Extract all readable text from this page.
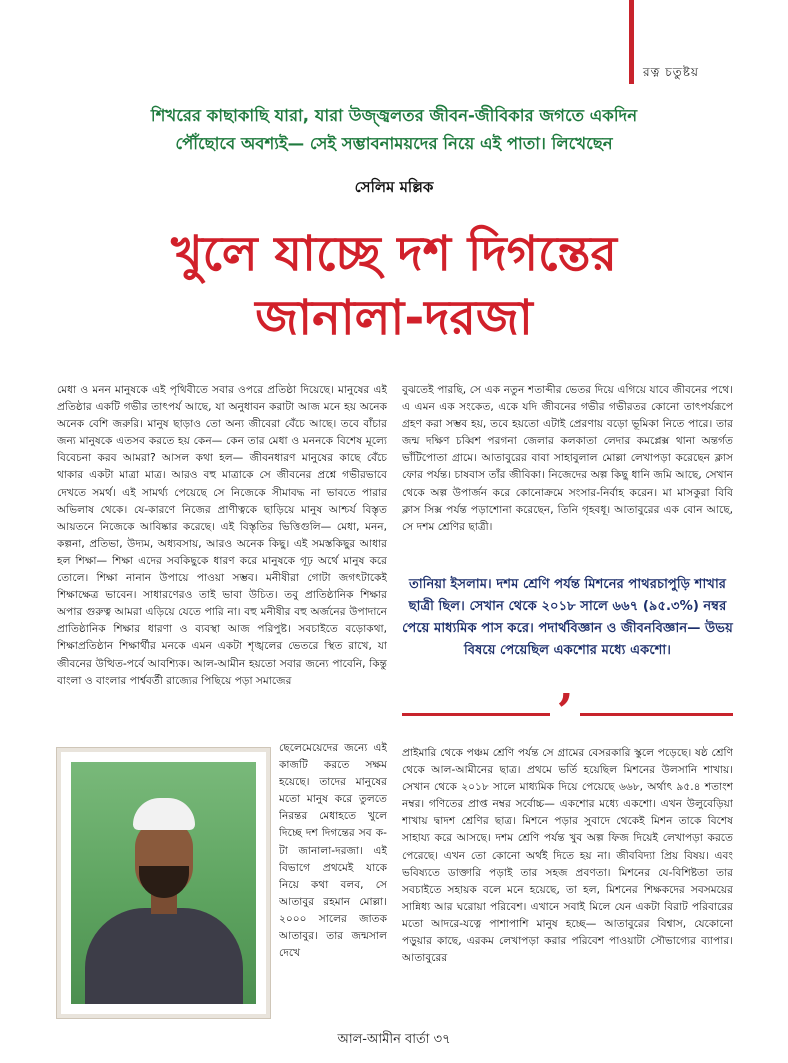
রত্ন চতুষ্টয়
শিখরের কাছাকাছি যারা, যারা উজ্জ্বলতর জীবন-জীবিকার জগতে একদিন
পৌঁছোবে অবশ্যই— সেই সম্ভাবনাময়দের নিয়ে এই পাতা। লিখেছেন
সেলিম মল্লিক
খুলে যাচ্ছে দশ দিগন্তের
জানালা-দরজা

মেধা ও মনন মানুষকে এই পৃথিবীতে সবার ওপরে প্রতিষ্ঠা দিয়েছে। মানুষের এই প্রতিষ্ঠার একটি গভীর তাৎপর্য আছে, যা অনুধাবন করাটা আজ মনে হয় অনেক অনেক বেশি জরুরি। মানুষ ছাড়াও তো অন্য জীবেরা বেঁচে আছে। তবে বাঁচার জন্য মানুষকে এতসব করতে হয় কেন— কেন তার মেধা ও মননকে বিশেষ মূল্যে বিবেচনা করব আমরা? আসল কথা হল— জীবনধারণ মানুষের কাছে বেঁচে থাকার একটা মাত্রা মাত্র। আরও বহু মাত্রাকে সে জীবনের প্রশ্নে গভীরভাবে দেখতে সমর্থ। এই সামর্থ্য পেয়েছে সে নিজেকে সীমাবদ্ধ না ভাবতে পারার অভিলাষ থেকে। যে-কারণে নিজের প্রাণীত্বকে ছাড়িয়ে মানুষ আশ্চর্য বিস্তৃত আয়তনে নিজেকে আবিষ্কার করেছে। এই বিস্তৃতির ভিত্তিগুলি— মেধা, মনন, কল্পনা, প্রতিভা, উদ্যম, অধ্যবসায়, আরও অনেক কিছু। এই সমস্তকিছুর আধার হল শিক্ষা— শিক্ষা এদের সবকিছুকে ধারণ করে মানুষকে গূঢ় অর্থে মানুষ করে তোলে। শিক্ষা নানান উপায়ে পাওয়া সম্ভব। মনীষীরা গোটা জগৎটাকেই শিক্ষাক্ষেত্র ভাবেন। সাধারণেরও তাই ভাবা উচিত। তবু প্রাতিষ্ঠানিক শিক্ষার অপার গুরুত্ব আমরা এড়িয়ে যেতে পারি না। বহু মনীষীর বহু অর্জনের উপাদানে প্রাতিষ্ঠানিক শিক্ষার ধারণা ও ব্যবস্থা আজ পরিপুষ্ট। সবচাইতে বড়োকথা, শিক্ষাপ্রতিষ্ঠান শিক্ষার্থীর মনকে এমন একটা শৃঙ্খলের ভেতরে স্থিত রাখে, যা জীবনের উত্থিত-পর্বে আবশ্যিক। আল-আমীন হয়তো সবার জন্যে পাবেনি, কিন্তু বাংলা ও বাংলার পার্শ্ববর্তী রাজ্যের পিছিয়ে পড়া সমাজের

ছেলেমেয়েদের জন্যে এই কাজটি করতে সক্ষম হয়েছে। তাদের মানুষের মতো মানুষ করে তুলতে নিরন্তর মেধাহতে খুলে দিচ্ছে দশ দিগন্তের সব ক-টা জানালা-দরজা। এই বিভাগে প্রথমেই যাকে নিয়ে কথা বলব, সে আতাবুর রহমান মোল্লা। ২০০০ সালের জাতক আতাবুর। তার জন্মসাল দেখে

বুঝতেই পারছি, সে এক নতুন শতাব্দীর ভেতর দিয়ে এগিয়ে যাবে জীবনের পথে। এ এমন এক সংকেত, একে যদি জীবনের গভীর গভীরতর কোনো তাৎপর্যরূপে গ্রহণ করা সম্ভব হয়, তবে হয়তো এটাই প্রেরণায় বড়ো ভূমিকা নিতে পারে। তার জন্ম দক্ষিণ চব্বিশ পরগনা জেলার কলকাতা লেদার কমপ্লেক্স থানা অন্তর্গত ভাঁটিপোতা গ্রামে। আতাবুরের বাবা সাহাবুলাল মোল্লা লেখাপড়া করেছেন ক্লাস ফোর পর্যন্ত। চাষবাস তাঁর জীবিকা। নিজেদের অল্প কিছু ধানি জমি আছে, সেখান থেকে অল্প উপার্জন করে কোনোক্রমে সংসার-নির্বাহ করেন। মা মাসকুরা বিবি ক্লাস সিক্স পর্যন্ত পড়াশোনা করেছেন, তিনি গৃহবধূ। আতাবুরের এক বোন আছে, সে দশম শ্রেণির ছাত্রী।

তানিয়া ইসলাম। দশম শ্রেণি পর্যন্ত মিশনের পাথরচাপুড়ি শাখার ছাত্রী ছিল। সেখান থেকে ২০১৮ সালে ৬৬৭ (৯৫.৩%) নম্বর পেয়ে মাধ্যমিক পাস করে। পদার্থবিজ্ঞান ও জীবনবিজ্ঞান— উভয় বিষয়ে পেয়েছিল একশোর মধ্যে একশো।
’

প্রাইমারি থেকে পঞ্চম শ্রেণি পর্যন্ত সে গ্রামের বেসরকারি স্কুলে পড়েছে। ষষ্ঠ শ্রেণি থেকে আল-আমীনের ছাত্র। প্রথমে ভর্তি হয়েছিল মিশনের উলসানি শাখায়। সেখান থেকে ২০১৮ সালে মাধ্যমিক দিয়ে পেয়েছে ৬৬৮, অর্থাৎ ৯৫.৪ শতাংশ নম্বর। গণিতের প্রাপ্ত নম্বর সর্বোচ্চ— একশোর মধ্যে একশো। এখন উলুবেড়িয়া শাখায় দ্বাদশ শ্রেণির ছাত্র। মিশনে পড়ার সুবাদে থেকেই মিশন তাকে বিশেষ সাহায্য করে আসছে। দশম শ্রেণি পর্যন্ত খুব অল্প ফিজ দিয়েই লেখাপড়া করতে পেরেছে। এখন তো কোনো অর্থই দিতে হয় না। জীববিদ্যা প্রিয় বিষয়। এবং ভবিষ্যতে ডাক্তারি পড়াই তার সহজ প্রবণতা। মিশনের যে-বিশিষ্টতা তার সবচাইতে সহায়ক বলে মনে হয়েছে, তা হল, মিশনের শিক্ষকদের সবসময়ের সান্নিধ্য আর ঘরোয়া পরিবেশ। এখানে সবাই মিলে যেন একটা বিরাট পরিবারের মতো আদরে-যত্নে পাশাপাশি মানুষ হচ্ছে— আতাবুরের বিশ্বাস, যেকোনো পড়ুয়ার কাছে, এরকম লেখাপড়া করার পরিবেশ পাওয়াটা সৌভাগ্যের ব্যাপার। আতাবুরের

আল-আমীন বার্তা ৩৭
